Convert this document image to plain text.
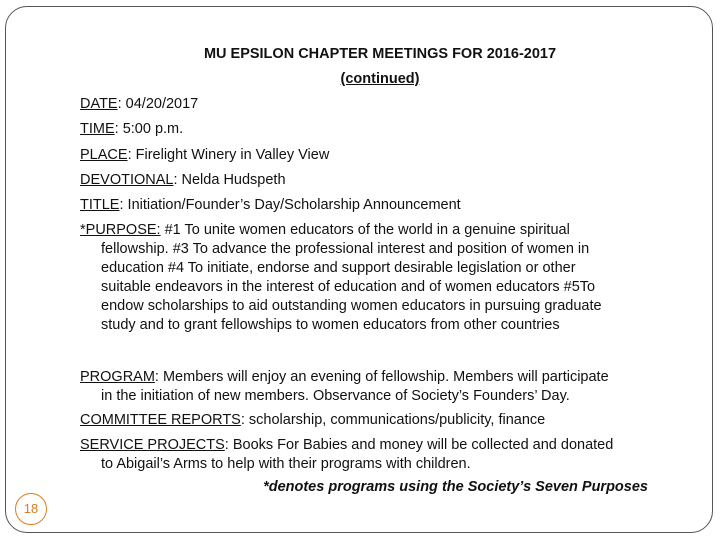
MU EPSILON CHAPTER MEETINGS FOR 2016-2017
(continued)
DATE: 04/20/2017
TIME: 5:00 p.m.
PLACE: Firelight Winery in Valley View
DEVOTIONAL: Nelda Hudspeth
TITLE: Initiation/Founder’s Day/Scholarship Announcement
*PURPOSE: #1 To unite women educators of the world in a genuine spiritual
fellowship. #3 To advance the professional interest and position of women in
education #4 To initiate, endorse and support desirable legislation or other
suitable endeavors in the interest of education and of women educators #5To
endow scholarships to aid outstanding women educators in pursuing graduate
study and to grant fellowships to women educators from other countries
PROGRAM: Members will enjoy an evening of fellowship. Members will participate
in the initiation of new members. Observance of Society’s Founders’ Day.
COMMITTEE REPORTS: scholarship, communications/publicity, finance
SERVICE PROJECTS: Books For Babies and money will be collected and donated
to Abigail’s Arms to help with their programs with children.
*denotes programs using the Society’s Seven Purposes
18
